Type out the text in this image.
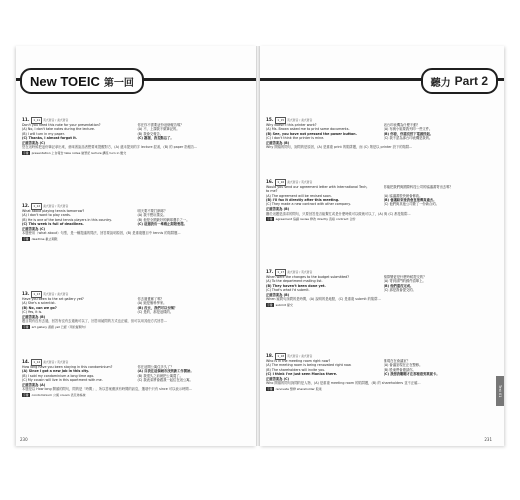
New TOEIC 第一回
11.	1_11	英式發音 / 美式發音
Don't you need this note for your presentation?	你在你不需要這份這個報告嗎？
(A) No, I don't take notes during the lecture.	(A) 不，上課我不做筆記的。
(B) I will turn in my paper.	(B) 我會交報告。
(C) Thanks, I almost forgot it.	(C) 謝謝，我差點忘了。
正確答案為 (C)
您在這時候把這份筆記拿出來，意味著說話者想要來提醒對方，(A) 還未提到的字 lecture 混淆，(B) 的 paper 指報告...
字彙	presentation 上台報告 take notes 做筆記 lecture 講座 turn in 繳交
12.	1_12	美式發音 / 英式發音
What about playing tennis tomorrow?	明天要不要打網球？
(A) I don't want to play cards.	(A) 我不想玩撲克。
(B) He is one of the best tennis players in this country.	(B) 他是全國最好的網球選手之一。
(C) This week is full of deadlines.	(C) 這週我有一堆截止期限要趕。
正確答案為 (C)
本題使用（what about）句型，是一種提議的問法，回答要說明原因，(B) 是重複題目中 tennis 的陷阱題...
字彙	deadline 截止期限
13.	1_13	英式發音 / 美式發音
Have you been to the art gallery yet?	你去過畫廊了嗎？
(A) She's a scientist.	(A) 她是個科學家。
(B) No, can we go?	(B) 沒去，我們可以去嗎？
(C) Yes, it is.	(C) 是的，那是這樣的。
正確答案為 (B)
題目問有沒有去過，回答有沒有去過就可以了，回答用疑問的方式也正確，但可以用其他方式回答...
字彙	art gallery 畫廊 yet 已經（用於疑問句）
14.	1_14	美式發音 / 英式發音
How long have you been staying in this condominium?	你在這間公寓住多久了？
(A) Since I got a new job in this city.	(A) 自我在這個城市找到新工作開始。
(B) I sold my condominium a long time ago.	(B) 我很久之前就把公寓賣了。
(C) My cousin will live in this apartment with me.	(C) 我表弟將會跟我一起住在這公寓。
正確答案為 (A)
本題是以 How long 開頭的問句，問的是「時間」，所以答案應該有時間的訊息，選項中只有 since 可以表示時間...
字彙	condominium 公寓 cousin 表兄弟姊妹
230
聽力 Part 2
15.	1_15	英式發音 / 美式發音
Why doesn't this printer work?	這台印表機為什麼不動？
(A) Ms. Brown asked me to print some documents.	(A) 布朗小姐要我列印一些文件。
(B) See, you have not pressed the power button.	(B) 你看，你還沒按下電源按鈕。
(C) I don't think the printer is mine.	(C) 我不認為那台印表機是我的。
正確答案為 (B)
Why 開頭的問句，詢問的是原因，(A) 是重複 print 的陷阱題，而 (C) 則是以 printer 設下的陷阱...
16.	1_16	美式發音 / 英式發音
Would you send our agreement letter with International Tech,	你能把我們與國際科技公司的協議書寄出去嗎？
to me?
(A) The agreement will be revised soon.	(A) 協議書很快就會修改。
(B) I'll fax it directly after this meeting.	(B) 會議結束後我會直接傳真過去。
(C) They made a new contract with other company.	(C) 他們與其他公司簽了一份新合約。
正確答案為 (B)
關於這題是請求的問句，只要回答是否能幫忙或是什麼時候可以做就可以了，(A) 與 (C) 都是陷阱...
字彙	agreement 協議 revise 修改 directly 直接 contract 合約
17.	1_17	美式發音 / 英式發音
When were the changes to the budget submitted?	預算變更是什麼時候提交的？
(A) To the department mailing list.	(A) 寄到部門的郵件清單上。
(B) They haven't been done yet.	(B) 他們還沒完成。
(C) That's what I'd submit.	(C) 那是我會提交的。
正確答案為 (B)
When 疑問句詢問的是時間，(A) 說明的是地點，(C) 是重複 submit 的陷阱...
字彙	submit 提交
18.	1_18	英式發音 / 美式發音
Who is in the meeting room right now?	誰現在在會議室？
(A) The meeting room is being renovated right now.	(A) 會議室現在正在整修。
(B) The shareholders will invite you.	(B) 股東們會邀請你。
(C) I think I've just seen Monica there.	(C) 我想我剛剛才在那裡看到莫妮卡。
正確答案為 (C)
Who 開頭的問句詢問的是人物，(A) 是重複 meeting room 的陷阱題，(B) 的 shareholders 並不正確...
字彙	renovate 整修 shareholder 股東	Test 01
231
